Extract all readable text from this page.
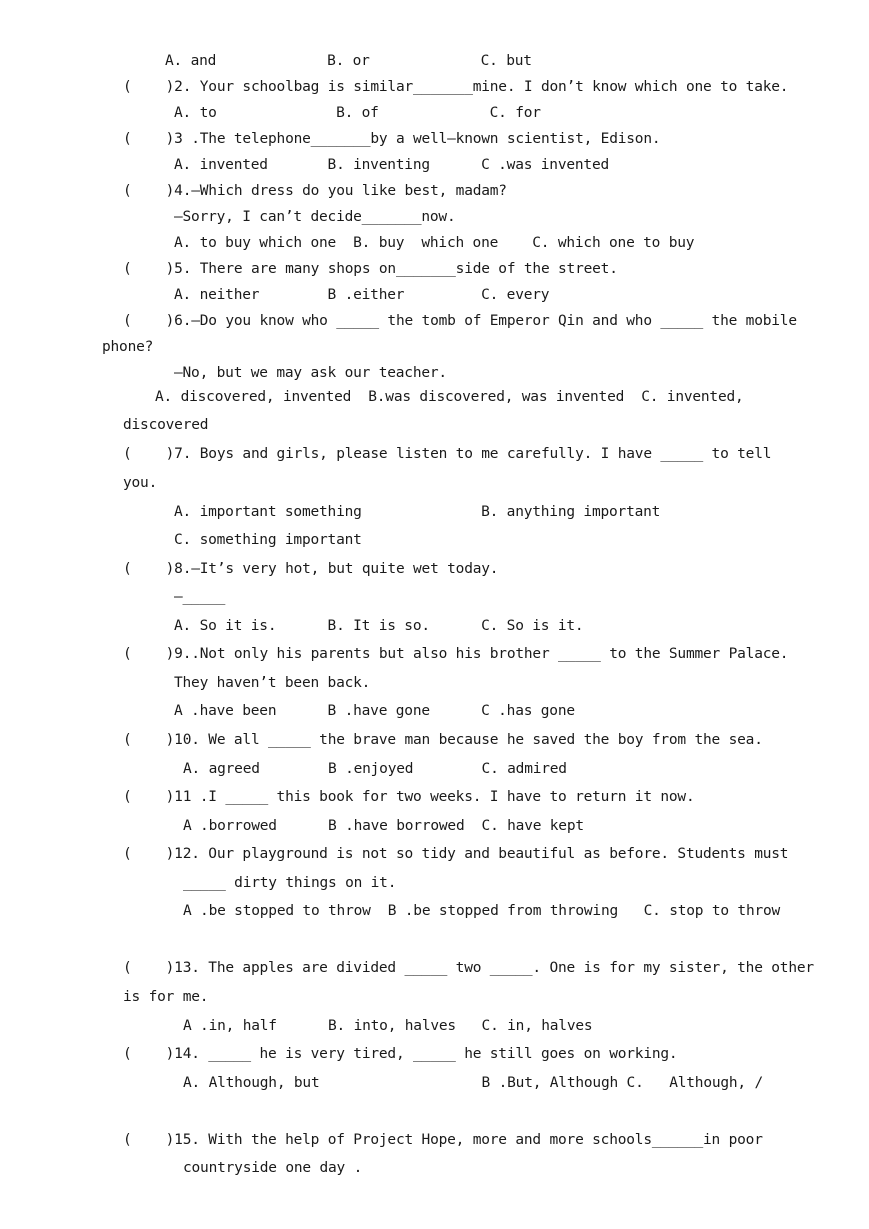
A. and             B. or             C. but
(    )2. Your schoolbag is similar_______mine. I don’t know which one to take.
A. to              B. of             C. for
(    )3 .The telephone_______by a well–known scientist, Edison.
A. invented       B. inventing      C .was invented
(    )4.—Which dress do you like best, madam?
—Sorry, I can’t decide_______now.
A. to buy which one  B. buy  which one    C. which one to buy
(    )5. There are many shops on_______side of the street.
A. neither        B .either         C. every
(    )6.—Do you know who _____ the tomb of Emperor Qin and who _____ the mobile
phone?
—No, but we may ask our teacher.
A. discovered, invented  B.was discovered, was invented  C. invented,
discovered
(    )7. Boys and girls, please listen to me carefully. I have _____ to tell
you.
A. important something              B. anything important
C. something important
(    )8.—It’s very hot, but quite wet today.
—_____
A. So it is.      B. It is so.      C. So is it.
(    )9..Not only his parents but also his brother _____ to the Summer Palace.
They haven’t been back.
A .have been      B .have gone      C .has gone
(    )10. We all _____ the brave man because he saved the boy from the sea.
A. agreed        B .enjoyed        C. admired
(    )11 .I _____ this book for two weeks. I have to return it now.
A .borrowed      B .have borrowed  C. have kept
(    )12. Our playground is not so tidy and beautiful as before. Students must
_____ dirty things on it.
A .be stopped to throw  B .be stopped from throwing   C. stop to throw
(    )13. The apples are divided _____ two _____. One is for my sister, the other
is for me.
A .in, half      B. into, halves   C. in, halves
(    )14. _____ he is very tired, _____ he still goes on working.
A. Although, but                   B .But, Although C.   Although, /
(    )15. With the help of Project Hope, more and more schools______in poor
countryside one day .
